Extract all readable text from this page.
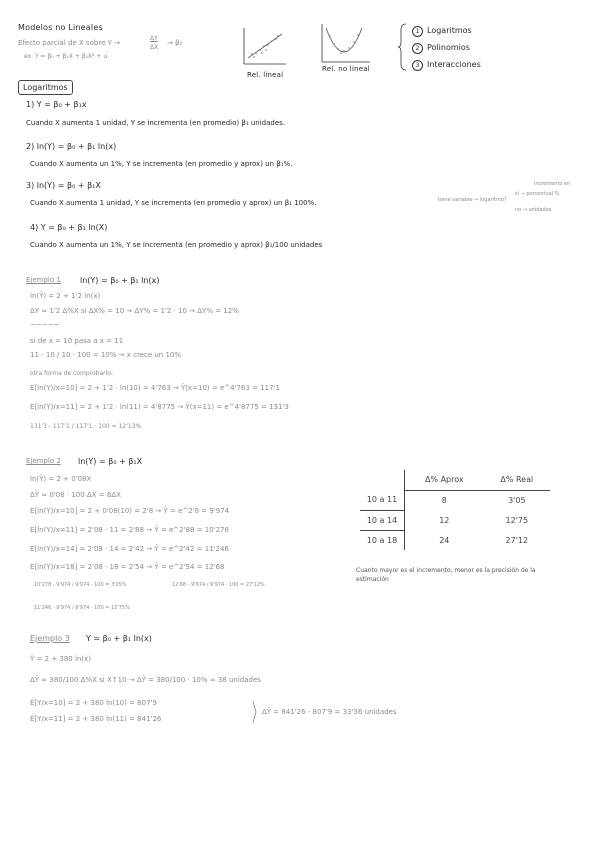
Modelos no Lineales
Efecto parcial de X sobre Y →
ΔY
ΔX
→ β₁
ex. Y = β₀ + β₁X + β₂X² + u
Rel. lineal
Rel. no lineal
1 Logaritmos
2 Polinomios
3 Interacciones
Logaritmos
1) Y = β₀ + β₁x
Cuando X aumenta 1 unidad, Y se incrementa (en promedio) β₁ unidades.
2) ln(Y) = β₀ + β₁ ln(x)
Cuando X aumenta un 1%, Y se incrementa (en promedio y aprox) un β₁%.
3) ln(Y) = β₀ + β₁X
Cuando X aumenta 1 unidad, Y se incrementa (en promedio y aprox) un β₁ 100%.
4) Y = β₀ + β₁ ln(X)
Cuando X aumenta un 1%, Y se incrementa (en promedio y aprox) β₁/100 unidades
incremento en
tiene variable → logaritmo?
sí → porcentual %
no → unidades
Ejemplo 1 ln(Y) = β₀ + β₁ ln(x)
ln(Ŷ) = 2 + 1'2 ln(x)
ΔY ≈ 1'2 Δ%X si ΔX% = 10 → ΔY% = 1'2 · 10 → ΔY% = 12%
~~~~~
si de x = 10 pasa a x = 11
11 - 10 / 10 · 100 = 10% → x crece un 10%
otra forma de comprobarlo:
E[ln(Y)/x=10] = 2 + 1'2 · ln(10) = 4'763 → Ŷ(x=10) = e^4'763 = 117'1
E[ln(Y)/x=11] = 2 + 1'2 · ln(11) = 4'8775 → Ŷ(x=11) = e^4'8775 = 131'3
131'3 - 117'1 / 117'1 · 100 = 12'13%
Ejemplo 2 ln(Y) = β₀ + β₁X
ln(Ŷ) = 2 + 0'08X
ΔŶ ≈ 0'08 · 100 ΔX = 8ΔX
E[ln(Y)/x=10] = 2 + 0'08(10) = 2'8 → Ŷ = e^2'8 = 9'974
E[ln(Y)/x=11] = 2'08 · 11 = 2'88 → Ŷ = e^2'88 = 10'278
E[ln(Y)/x=14] = 2'08 · 14 = 2'42 → Ŷ = e^2'42 = 11'246
E[ln(Y)/x=18] = 2'08 · 18 = 2'54 → Ŷ = e^2'54 = 12'68
10'278 - 9'974 / 9'974 · 100 = 3'05%	12'68 - 9'974 / 9'974 · 100 = 27'12%
11'246 - 9'974 / 9'974 · 100 = 12'75%
	Δ% Aprox	Δ% Real
10 a 11	8	3'05
10 a 14	12	12'75
10 a 18	24	27'12
Cuanto mayor es el incremento, menor es la precisión de la estimación
Ejemplo 3 Y = β₀ + β₁ ln(x)
Ŷ = 2 + 380 ln(x)
ΔŶ ≈ 380/100 Δ%X si X↑10 → ΔŶ = 380/100 · 10% ≈ 38 unidades
E[Y/x=10] = 2 + 380 ln(10) = 807'9
E[Y/x=11] = 2 + 380 ln(11) = 841'26
ΔŶ = 841'26 - 807'9 = 33'36 unidades
